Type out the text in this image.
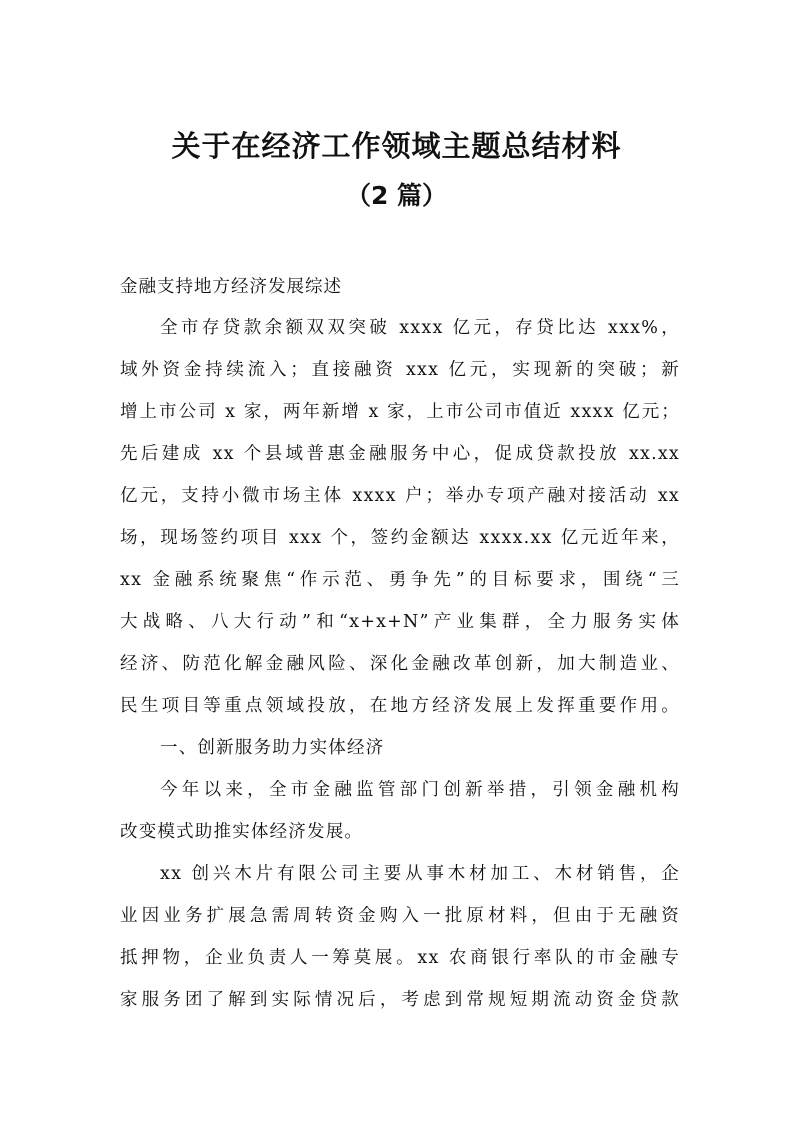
关于在经济工作领域主题总结材料
（2 篇）
金融支持地方经济发展综述
全市存贷款余额双双突破 xxxx 亿元，存贷比达 xxx%，
域外资金持续流入；直接融资 xxx 亿元，实现新的突破；新
增上市公司 x 家，两年新增 x 家，上市公司市值近 xxxx 亿元；
先后建成 xx 个县域普惠金融服务中心，促成贷款投放 xx.xx
亿元，支持小微市场主体 xxxx 户；举办专项产融对接活动 xx
场，现场签约项目 xxx 个，签约金额达 xxxx.xx 亿元近年来，
xx 金融系统聚焦“作示范、勇争先”的目标要求，围绕“三
大战略、八大行动”和“x+x+N”产业集群，全力服务实体
经济、防范化解金融风险、深化金融改革创新，加大制造业、
民生项目等重点领域投放，在地方经济发展上发挥重要作用。
一、创新服务助力实体经济
今年以来，全市金融监管部门创新举措，引领金融机构
改变模式助推实体经济发展。
xx 创兴木片有限公司主要从事木材加工、木材销售，企
业因业务扩展急需周转资金购入一批原材料，但由于无融资
抵押物，企业负责人一筹莫展。xx 农商银行率队的市金融专
家服务团了解到实际情况后，考虑到常规短期流动资金贷款
